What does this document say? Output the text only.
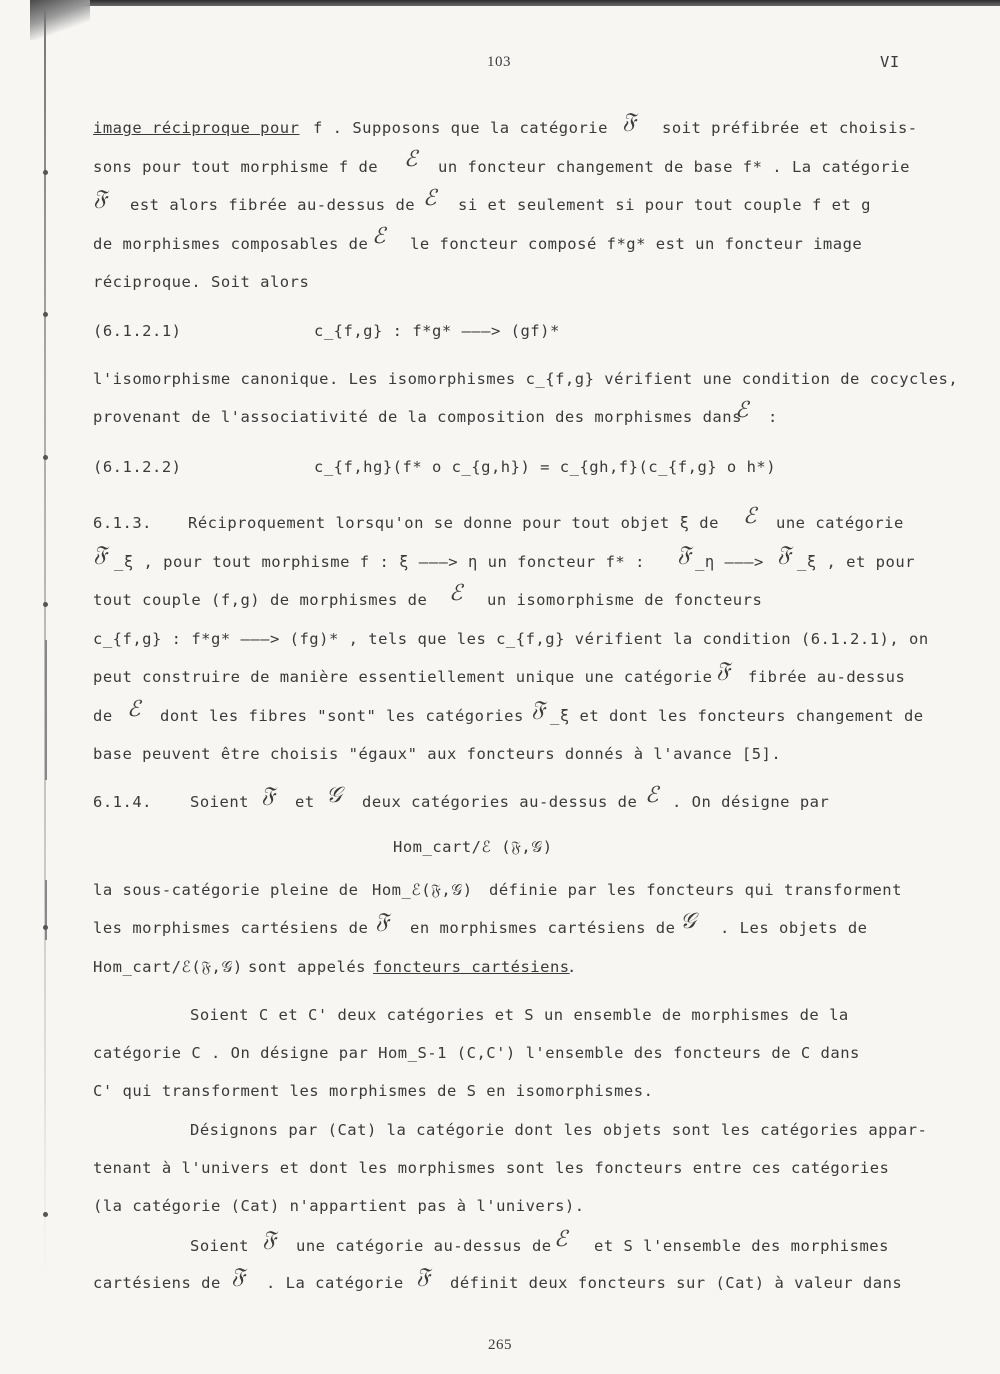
103	VI
image réciproque pour f . Supposons que la catégorie 𝔉 soit préfibrée et choisis-
sons pour tout morphisme f de ℰ un foncteur changement de base f* . La catégorie
𝔉 est alors fibrée au-dessus de ℰ si et seulement si pour tout couple f et g
de morphismes composables de ℰ le foncteur composé f*g* est un foncteur image
réciproque. Soit alors
(6.1.2.1)	c_{f,g} : f*g* ———> (gf)*
l'isomorphisme canonique. Les isomorphismes c_{f,g} vérifient une condition de cocycles,
provenant de l'associativité de la composition des morphismes dans
ℰ :
(6.1.2.2)	c_{f,hg}(f* o c_{g,h}) = c_{gh,f}(c_{f,g} o h*)
6.1.3. Réciproquement lorsqu'on se donne pour tout objet ξ de ℰ une catégorie
𝔉 _ξ , pour tout morphisme f : ξ ———> η un foncteur f* : 𝔉 _η ———> 𝔉 _ξ , et pour
tout couple (f,g) de morphismes de ℰ un isomorphisme de foncteurs
c_{f,g} : f*g* ———> (fg)* , tels que les c_{f,g} vérifient la condition (6.1.2.1), on
peut construire de manière essentiellement unique une catégorie 𝔉 fibrée au-dessus
de ℰ dont les fibres "sont" les catégories 𝔉 _ξ et dont les foncteurs changement de
base peuvent être choisis "égaux" aux foncteurs donnés à l'avance [5].
6.1.4. Soient 𝔉 et 𝒢 deux catégories au-dessus de ℰ . On désigne par
Hom_cart/ℰ (𝔉,𝒢)
la sous-catégorie pleine de Hom_ℰ(𝔉,𝒢) définie par les foncteurs qui transforment
les morphismes cartésiens de 𝔉 en morphismes cartésiens de 𝒢 . Les objets de
Hom_cart/ℰ(𝔉,𝒢) sont appelés foncteurs cartésiens
.
Soient C et C' deux catégories et S un ensemble de morphismes de la
catégorie C . On désigne par Hom_S-1 (C,C') l'ensemble des foncteurs de C dans
C' qui transforment les morphismes de S en isomorphismes.
Désignons par (Cat) la catégorie dont les objets sont les catégories appar-
tenant à l'univers et dont les morphismes sont les foncteurs entre ces catégories
(la catégorie (Cat) n'appartient pas à l'univers).
Soient 𝔉 une catégorie au-dessus de ℰ et S l'ensemble des morphismes
cartésiens de 𝔉 . La catégorie 𝔉 définit deux foncteurs sur (Cat) à valeur dans
265
